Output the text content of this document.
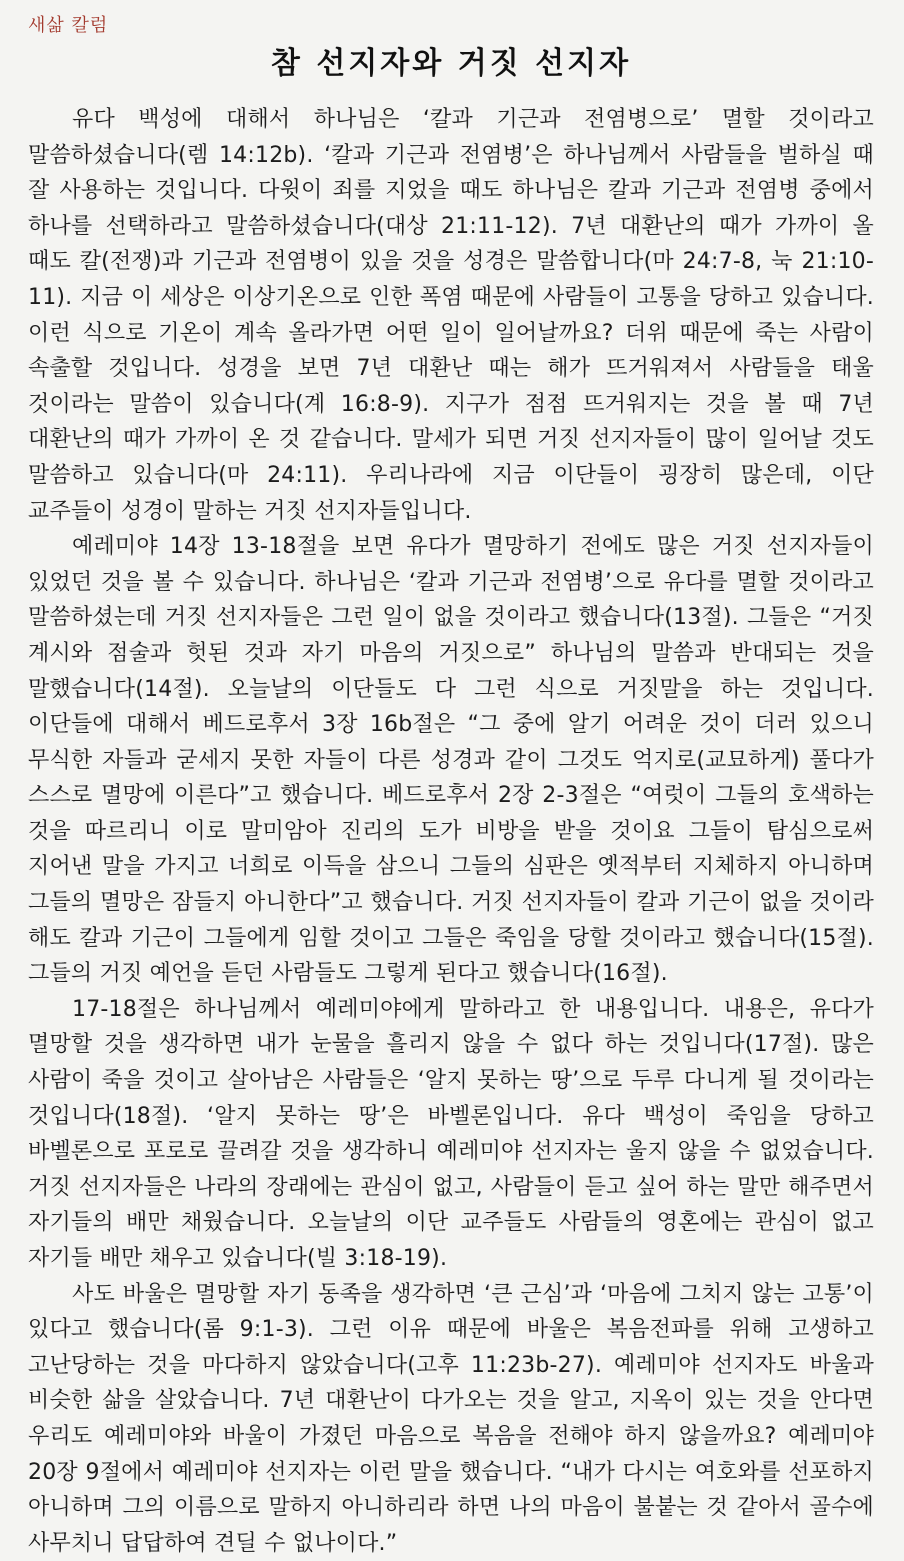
새삶 칼럼
참 선지자와 거짓 선지자

유다 백성에 대해서 하나님은 ‘칼과 기근과 전염병으로’ 멸할 것이라고 말씀하셨습니다(렘 14:12b). ‘칼과 기근과 전염병’은 하나님께서 사람들을 벌하실 때 잘 사용하는 것입니다. 다윗이 죄를 지었을 때도 하나님은 칼과 기근과 전염병 중에서 하나를 선택하라고 말씀하셨습니다(대상 21:11-12). 7년 대환난의 때가 가까이 올 때도 칼(전쟁)과 기근과 전염병이 있을 것을 성경은 말씀합니다(마 24:7-8, 눅 21:10-11). 지금 이 세상은 이상기온으로 인한 폭염 때문에 사람들이 고통을 당하고 있습니다. 이런 식으로 기온이 계속 올라가면 어떤 일이 일어날까요? 더위 때문에 죽는 사람이 속출할 것입니다. 성경을 보면 7년 대환난 때는 해가 뜨거워져서 사람들을 태울 것이라는 말씀이 있습니다(계 16:8-9). 지구가 점점 뜨거워지는 것을 볼 때 7년 대환난의 때가 가까이 온 것 같습니다. 말세가 되면 거짓 선지자들이 많이 일어날 것도 말씀하고 있습니다(마 24:11). 우리나라에 지금 이단들이 굉장히 많은데, 이단 교주들이 성경이 말하는 거짓 선지자들입니다.

예레미야 14장 13-18절을 보면 유다가 멸망하기 전에도 많은 거짓 선지자들이 있었던 것을 볼 수 있습니다. 하나님은 ‘칼과 기근과 전염병’으로 유다를 멸할 것이라고 말씀하셨는데 거짓 선지자들은 그런 일이 없을 것이라고 했습니다(13절). 그들은 “거짓 계시와 점술과 헛된 것과 자기 마음의 거짓으로” 하나님의 말씀과 반대되는 것을 말했습니다(14절). 오늘날의 이단들도 다 그런 식으로 거짓말을 하는 것입니다. 이단들에 대해서 베드로후서 3장 16b절은 “그 중에 알기 어려운 것이 더러 있으니 무식한 자들과 굳세지 못한 자들이 다른 성경과 같이 그것도 억지로(교묘하게) 풀다가 스스로 멸망에 이른다”고 했습니다. 베드로후서 2장 2-3절은 “여럿이 그들의 호색하는 것을 따르리니 이로 말미암아 진리의 도가 비방을 받을 것이요 그들이 탐심으로써 지어낸 말을 가지고 너희로 이득을 삼으니 그들의 심판은 옛적부터 지체하지 아니하며 그들의 멸망은 잠들지 아니한다”고 했습니다. 거짓 선지자들이 칼과 기근이 없을 것이라 해도 칼과 기근이 그들에게 임할 것이고 그들은 죽임을 당할 것이라고 했습니다(15절). 그들의 거짓 예언을 듣던 사람들도 그렇게 된다고 했습니다(16절).

17-18절은 하나님께서 예레미야에게 말하라고 한 내용입니다. 내용은, 유다가 멸망할 것을 생각하면 내가 눈물을 흘리지 않을 수 없다 하는 것입니다(17절). 많은 사람이 죽을 것이고 살아남은 사람들은 ‘알지 못하는 땅’으로 두루 다니게 될 것이라는 것입니다(18절). ‘알지 못하는 땅’은 바벨론입니다. 유다 백성이 죽임을 당하고 바벨론으로 포로로 끌려갈 것을 생각하니 예레미야 선지자는 울지 않을 수 없었습니다. 거짓 선지자들은 나라의 장래에는 관심이 없고, 사람들이 듣고 싶어 하는 말만 해주면서 자기들의 배만 채웠습니다. 오늘날의 이단 교주들도 사람들의 영혼에는 관심이 없고 자기들 배만 채우고 있습니다(빌 3:18-19).

사도 바울은 멸망할 자기 동족을 생각하면 ‘큰 근심’과 ‘마음에 그치지 않는 고통’이 있다고 했습니다(롬 9:1-3). 그런 이유 때문에 바울은 복음전파를 위해 고생하고 고난당하는 것을 마다하지 않았습니다(고후 11:23b-27). 예레미야 선지자도 바울과 비슷한 삶을 살았습니다. 7년 대환난이 다가오는 것을 알고, 지옥이 있는 것을 안다면 우리도 예레미야와 바울이 가졌던 마음으로 복음을 전해야 하지 않을까요? 예레미야 20장 9절에서 예레미야 선지자는 이런 말을 했습니다. “내가 다시는 여호와를 선포하지 아니하며 그의 이름으로 말하지 아니하리라 하면 나의 마음이 불붙는 것 같아서 골수에 사무치니 답답하여 견딜 수 없나이다.”
